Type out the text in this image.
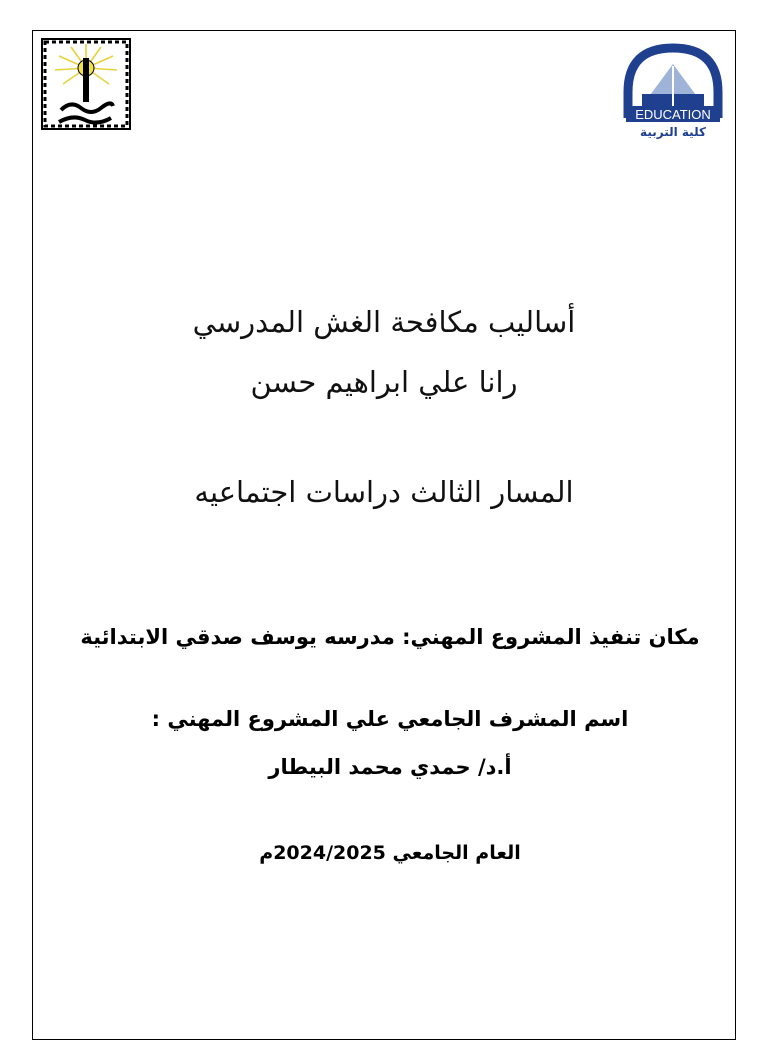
EDUCATION
كلية التربية
أساليب مكافحة الغش المدرسي
رانا علي ابراهيم حسن
المسار الثالث دراسات اجتماعيه
مكان تنفيذ المشروع المهني: مدرسه يوسف صدقي الابتدائية
اسم المشرف الجامعي علي المشروع المهني :
أ.د/ حمدي محمد البيطار
العام الجامعي 2024/2025م
